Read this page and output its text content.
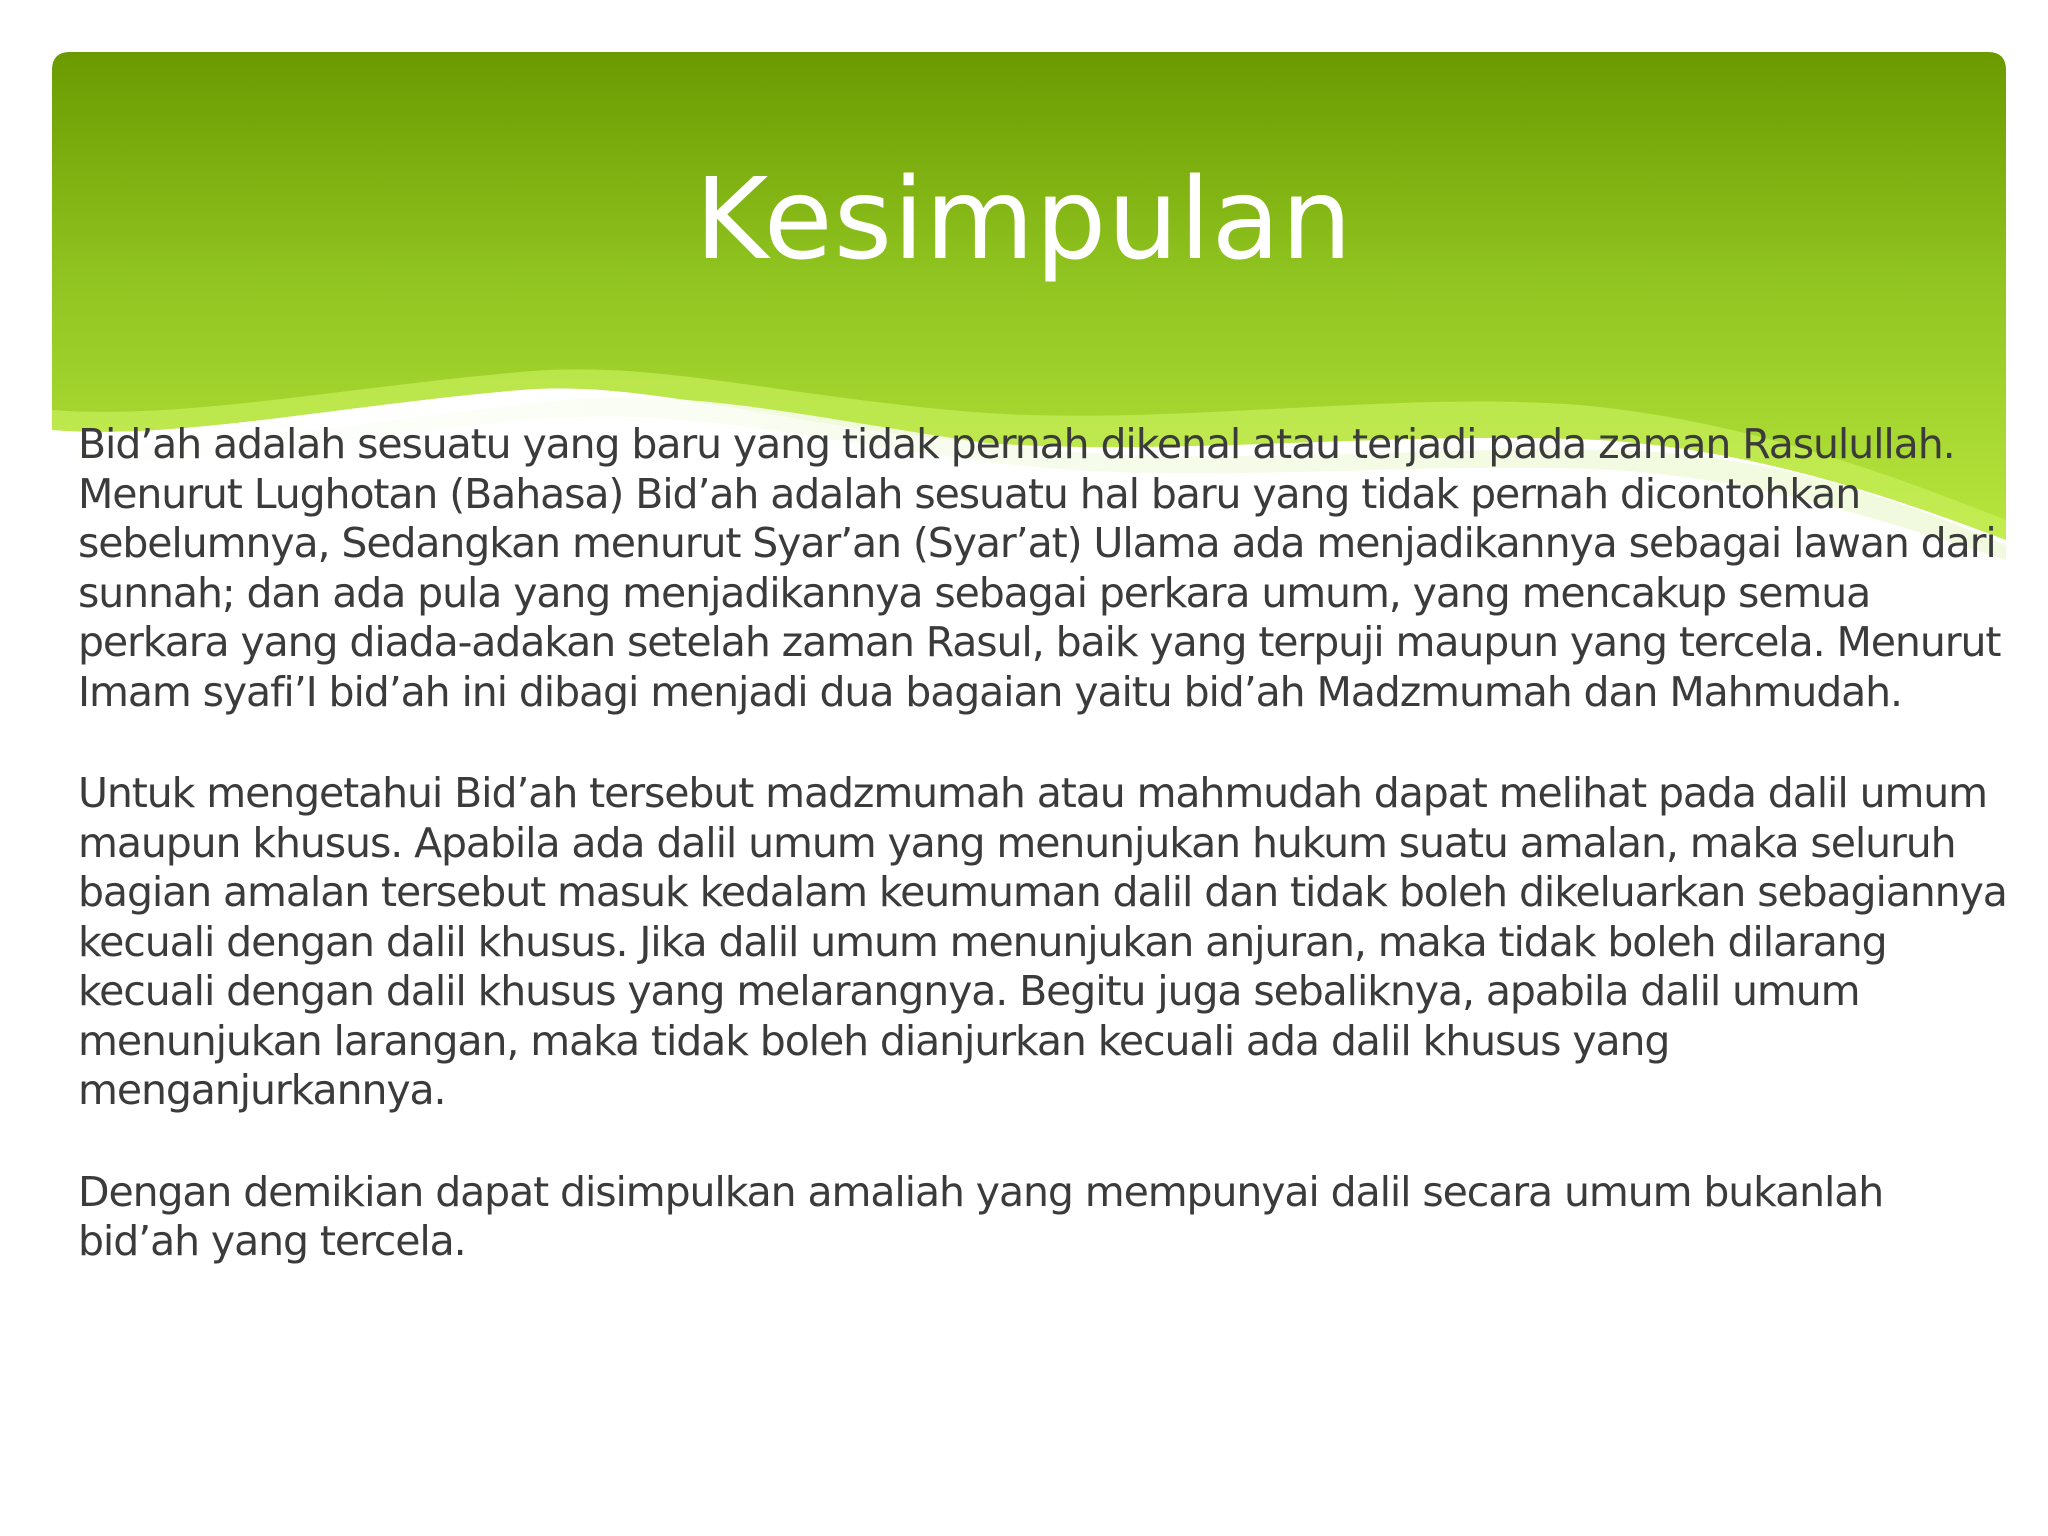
Kesimpulan

Bid’ah adalah sesuatu yang baru yang tidak pernah dikenal atau terjadi pada zaman Rasulullah. Menurut Lughotan (Bahasa) Bid’ah adalah sesuatu hal baru yang tidak pernah dicontohkan sebelumnya, Sedangkan menurut Syar’an (Syar’at) Ulama ada menjadikannya sebagai lawan dari sunnah; dan ada pula yang menjadikannya sebagai perkara umum, yang mencakup semua perkara yang diada-adakan setelah zaman Rasul, baik yang terpuji maupun yang tercela. Menurut Imam syafi’I bid’ah ini dibagi menjadi dua bagaian yaitu bid’ah Madzmumah dan Mahmudah.

Untuk mengetahui Bid’ah tersebut madzmumah atau mahmudah dapat melihat pada dalil umum maupun khusus. Apabila ada dalil umum yang menunjukan hukum suatu amalan, maka seluruh bagian amalan tersebut masuk kedalam keumuman dalil dan tidak boleh dikeluarkan sebagiannya kecuali dengan dalil khusus. Jika dalil umum menunjukan anjuran, maka tidak boleh dilarang kecuali dengan dalil khusus yang melarangnya. Begitu juga sebaliknya, apabila dalil umum menunjukan larangan, maka tidak boleh dianjurkan kecuali ada dalil khusus yang menganjurkannya.

Dengan demikian dapat disimpulkan amaliah yang mempunyai dalil secara umum bukanlah bid’ah yang tercela.
